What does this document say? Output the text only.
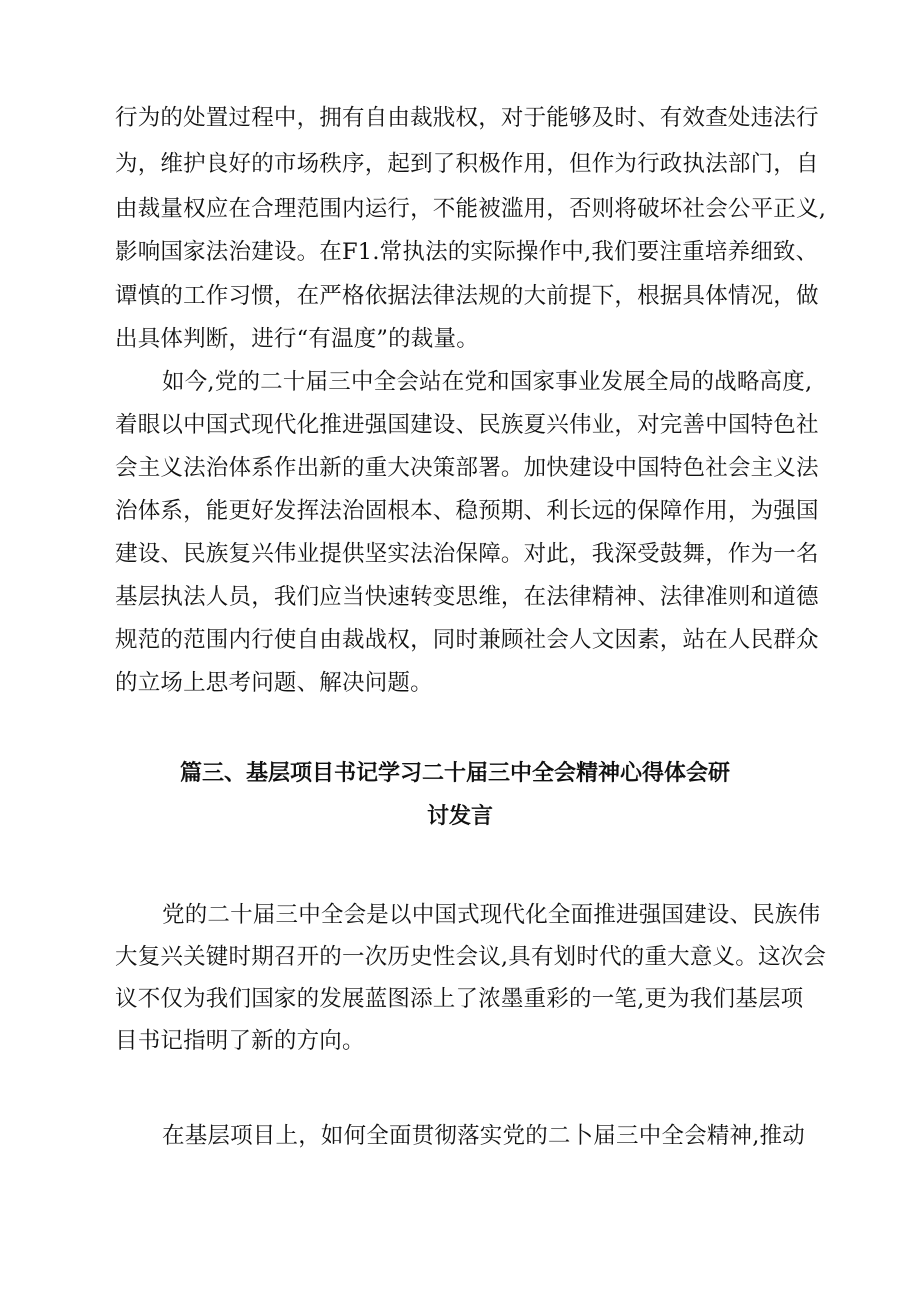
行为的处置过程中，拥有自由裁戕权，对于能够及时、有效查处违法行
为，维护良好的市场秩序，起到了积极作用，但作为行政执法部门，自
由裁量权应在合理范围内运行，不能被滥用，否则将破坏社会公平正义,
影响国家法治建设。在F1.常执法的实际操作中,我们要注重培养细致、
谭慎的工作习惯，在严格依据法律法规的大前提下，根据具体情况，做
出具体判断，进行“有温度”的裁量。
如今,党的二十届三中全会站在党和国家事业发展全局的战略高度,
着眼以中国式现代化推进强国建设、民族夏兴伟业，对完善中国特色社
会主义法治体系作出新的重大决策部署。加快建设中国特色社会主义法
治体系，能更好发挥法治固根本、稳预期、利长远的保障作用，为强国
建设、民族复兴伟业提供坚实法治保障。对此，我深受鼓舞，作为一名
基层执法人员，我们应当快速转变思维，在法律精神、法律准则和道德
规范的范围内行使自由裁战权，同时兼顾社会人文因素，站在人民群众
的立场上思考问题、解决问题。
篇三、基层项目书记学习二十届三中全会精神心得体会研
讨发言
党的二十届三中全会是以中国式现代化全面推进强国建设、民族伟
大复兴关键时期召开的一次历史性会议,具有划时代的重大意义。这次会
议不仅为我们国家的发展蓝图添上了浓墨重彩的一笔,更为我们基层项
目书记指明了新的方向。
在基层项目上，如何全面贯彻落实党的二卜届三中全会精神,推动
